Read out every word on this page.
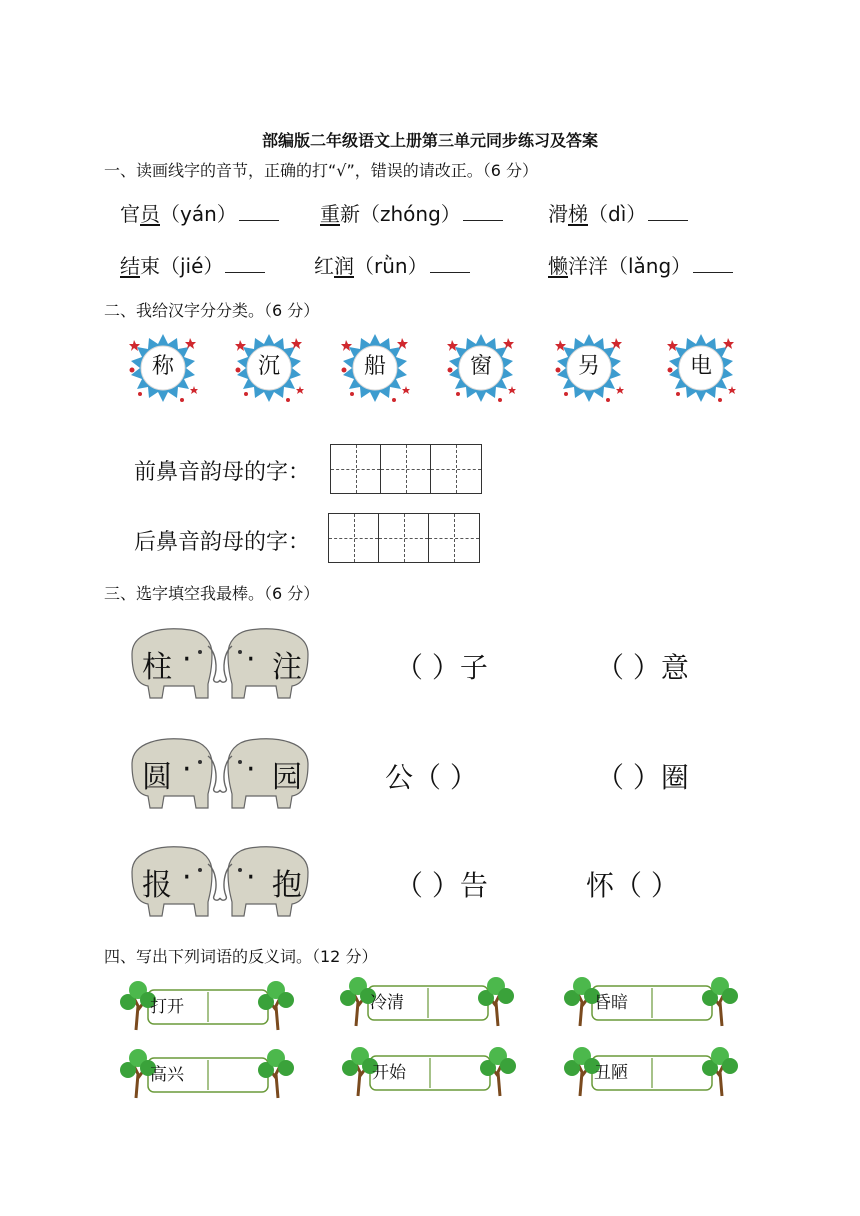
部编版二年级语文上册第三单元同步练习及答案
一、读画线字的音节，正确的打“√”，错误的请改正。（6 分）
官员（yán）	重新（zhóng）	滑梯（dì）
结束（jié）	红润（rǜn）	懒洋洋（lǎng）
二、我给汉字分分类。（6 分）
称	沉	船	窗	另	电
前鼻音韵母的字：
后鼻音韵母的字：
三、选字填空我最棒。（6 分）
柱 · · 注	（ ）子	（ ）意
圆 · · 园	公（ ）	（ ）圈
报 · · 抱	（ ）告	怀（ ）
四、写出下列词语的反义词。（12 分）
打开	冷清	昏暗
高兴	开始	丑陋
